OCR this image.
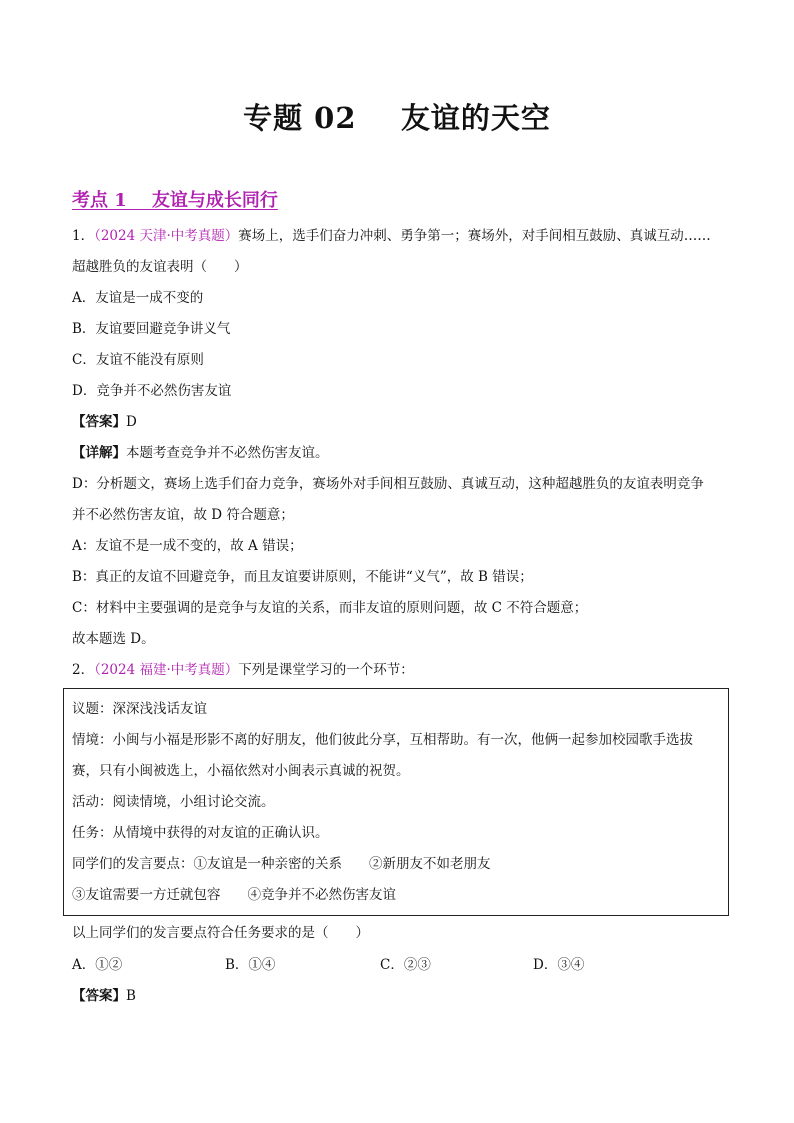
专题 02    友谊的天空
考点 1    友谊与成长同行
1．（2024 天津·中考真题）赛场上，选手们奋力冲刺、勇争第一；赛场外，对手间相互鼓励、真诚互动……
超越胜负的友谊表明（　　）
A．友谊是一成不变的
B．友谊要回避竞争讲义气
C．友谊不能没有原则
D．竞争并不必然伤害友谊
【答案】D
【详解】本题考查竞争并不必然伤害友谊。
D：分析题文，赛场上选手们奋力竞争，赛场外对手间相互鼓励、真诚互动，这种超越胜负的友谊表明竞争
并不必然伤害友谊，故 D 符合题意；
A：友谊不是一成不变的，故 A 错误；
B：真正的友谊不回避竞争，而且友谊要讲原则，不能讲“义气”，故 B 错误；
C：材料中主要强调的是竞争与友谊的关系，而非友谊的原则问题，故 C 不符合题意；
故本题选 D。
2．（2024 福建·中考真题）下列是课堂学习的一个环节：
议题：深深浅浅话友谊
情境：小闽与小福是形影不离的好朋友，他们彼此分享，互相帮助。有一次，他俩一起参加校园歌手选拔
赛，只有小闽被选上，小福依然对小闽表示真诚的祝贺。
活动：阅读情境，小组讨论交流。
任务：从情境中获得的对友谊的正确认识。
同学们的发言要点：①友谊是一种亲密的关系　　②新朋友不如老朋友
③友谊需要一方迁就包容　　④竞争并不必然伤害友谊
以上同学们的发言要点符合任务要求的是（　　）
A．①②	B．①④	C．②③	D．③④
【答案】B
